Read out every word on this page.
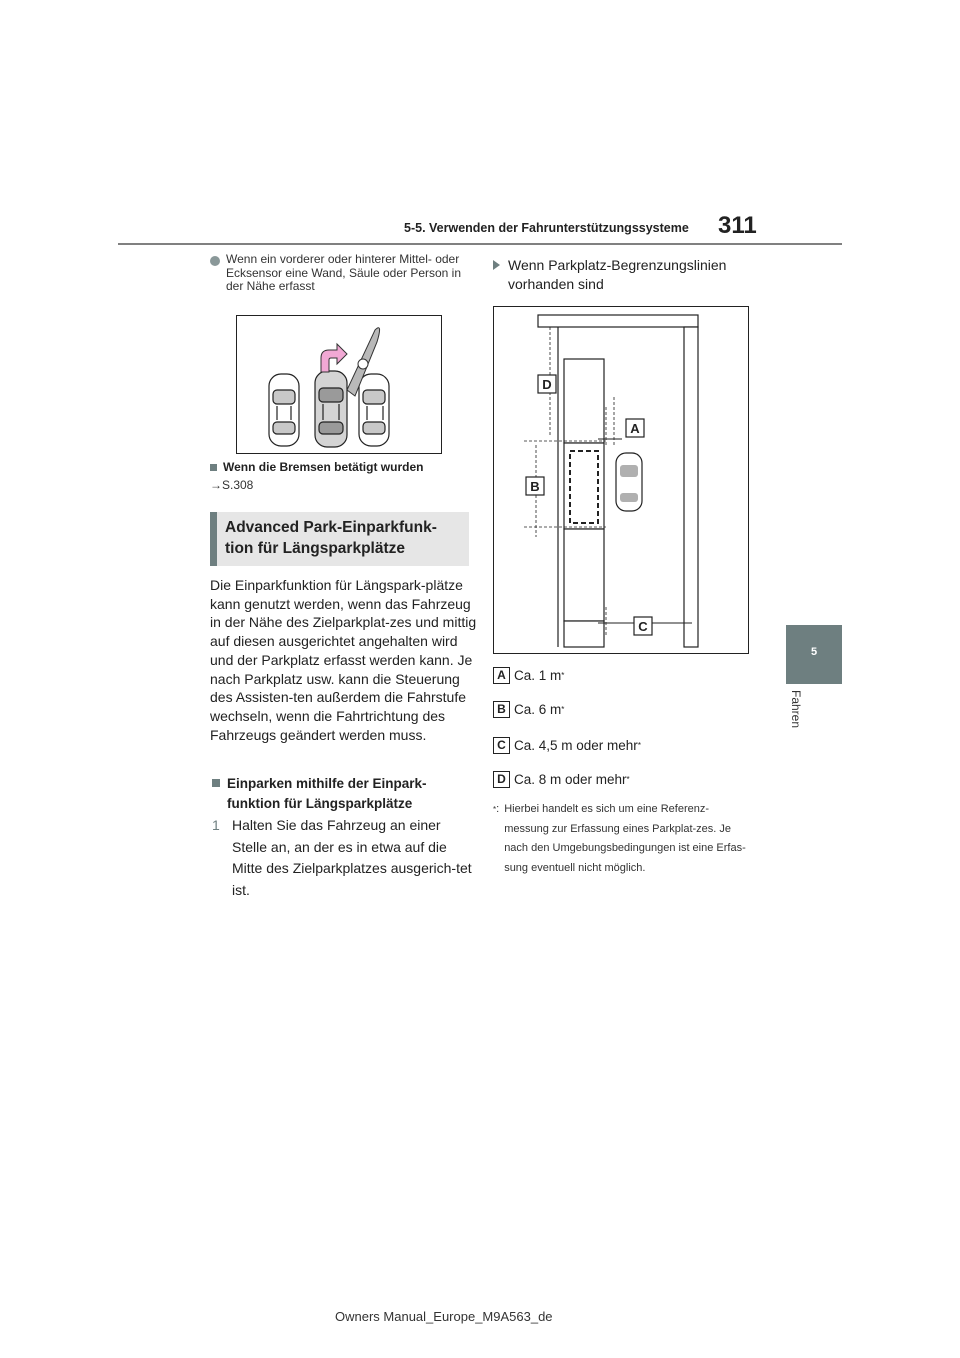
5-5. Verwenden der Fahrunterstützungssysteme 311
5
Fahren
Wenn ein vorderer oder hinterer Mittel- oder Ecksensor eine Wand, Säule oder Person in der Nähe erfasst
Wenn die Bremsen betätigt wurden
→S.308
Advanced Park-Einparkfunk-
tion für Längsparkplätze
Die Einparkfunktion für Längspark-plätze kann genutzt werden, wenn das Fahrzeug in der Nähe des Zielparkplat-zes und mittig auf diesen ausgerichtet angehalten wird und der Parkplatz erfasst werden kann. Je nach Parkplatz usw. kann die Steuerung des Assisten-ten außerdem die Fahrstufe wechseln, wenn die Fahrtrichtung des Fahrzeugs geändert werden muss.
Einparken mithilfe der Einpark-funktion für Längsparkplätze
1 Halten Sie das Fahrzeug an einer Stelle an, an der es in etwa auf die Mitte des Zielparkplatzes ausgerich-tet ist.
Wenn Parkplatz-Begrenzungslinien vorhanden sind
D
A
B
C
A Ca. 1 m *
B Ca. 6 m *
C Ca. 4,5 m oder mehr *
D Ca. 8 m oder mehr *
* : Hierbei handelt es sich um eine Referenz-messung zur Erfassung eines Parkplat-zes. Je nach den Umgebungsbedingungen ist eine Erfas-sung eventuell nicht möglich.
Owners Manual_Europe_M9A563_de
